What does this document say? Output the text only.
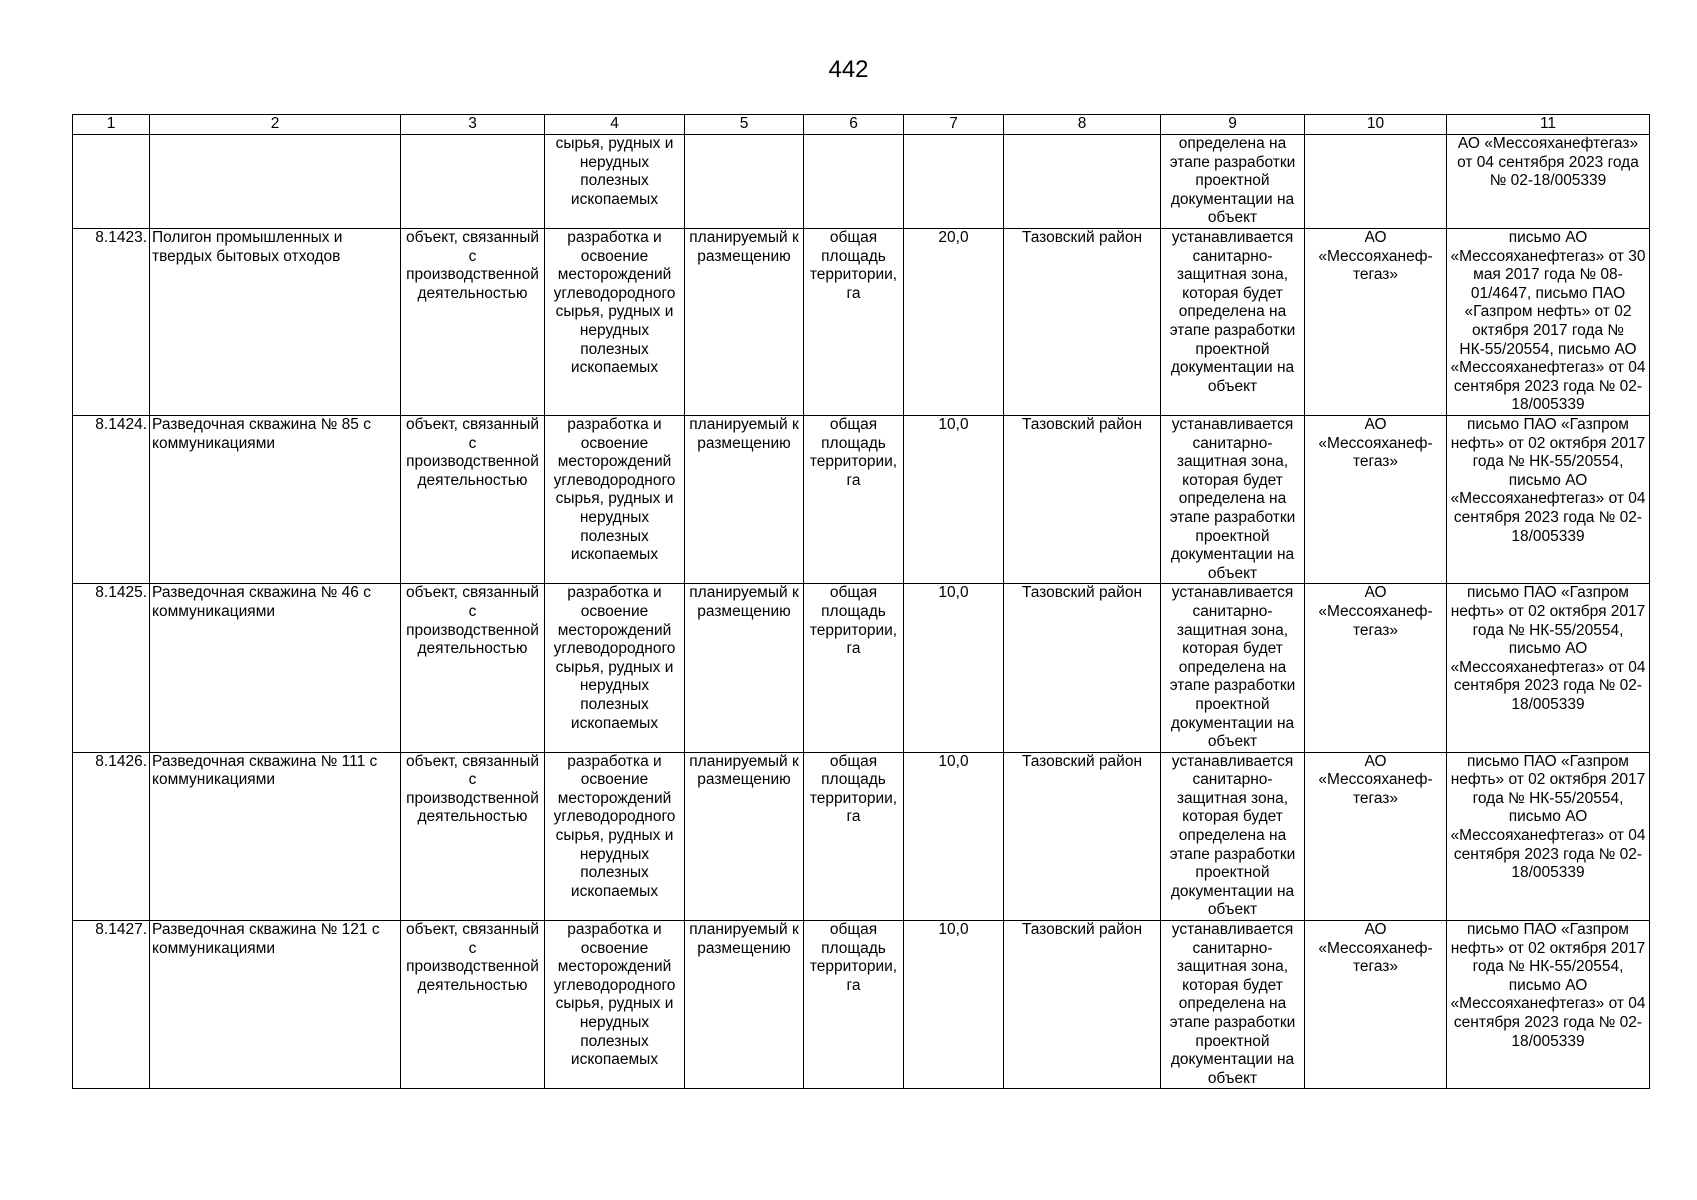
442
1	2	3	4	5	6	7	8	9	10	11
			сырья, рудных и нерудных полезных ископаемых					определена на этапе разработки проектной документации на объект		АО «Мессояханефтегаз» от 04 сентября 2023 года № 02-18/005339
8.1423.	Полигон промышленных и твердых бытовых отходов	объект, связанный с производственной деятельностью	разработка и освоение месторождений углеводородного сырья, рудных и нерудных полезных ископаемых	планируемый к размещению	общая площадь территории, га	20,0	Тазовский район	устанавливается санитарно-защитная зона, которая будет определена на этапе разработки проектной документации на объект	АО «Мессояханеф-тегаз»	письмо АО «Мессояханефтегаз» от 30 мая 2017 года № 08-01/4647, письмо ПАО «Газпром нефть» от 02 октября 2017 года № НК-55/20554, письмо АО «Мессояханефтегаз» от 04 сентября 2023 года № 02-18/005339
8.1424.	Разведочная скважина № 85 с коммуникациями	объект, связанный с производственной деятельностью	разработка и освоение месторождений углеводородного сырья, рудных и нерудных полезных ископаемых	планируемый к размещению	общая площадь территории, га	10,0	Тазовский район	устанавливается санитарно-защитная зона, которая будет определена на этапе разработки проектной документации на объект	АО «Мессояханеф-тегаз»	письмо ПАО «Газпром нефть» от 02 октября 2017 года № НК-55/20554, письмо АО «Мессояханефтегаз» от 04 сентября 2023 года № 02-18/005339
8.1425.	Разведочная скважина № 46 с коммуникациями	объект, связанный с производственной деятельностью	разработка и освоение месторождений углеводородного сырья, рудных и нерудных полезных ископаемых	планируемый к размещению	общая площадь территории, га	10,0	Тазовский район	устанавливается санитарно-защитная зона, которая будет определена на этапе разработки проектной документации на объект	АО «Мессояханеф-тегаз»	письмо ПАО «Газпром нефть» от 02 октября 2017 года № НК-55/20554, письмо АО «Мессояханефтегаз» от 04 сентября 2023 года № 02-18/005339
8.1426.	Разведочная скважина № 111 с коммуникациями	объект, связанный с производственной деятельностью	разработка и освоение месторождений углеводородного сырья, рудных и нерудных полезных ископаемых	планируемый к размещению	общая площадь территории, га	10,0	Тазовский район	устанавливается санитарно-защитная зона, которая будет определена на этапе разработки проектной документации на объект	АО «Мессояханеф-тегаз»	письмо ПАО «Газпром нефть» от 02 октября 2017 года № НК-55/20554, письмо АО «Мессояханефтегаз» от 04 сентября 2023 года № 02-18/005339
8.1427.	Разведочная скважина № 121 с коммуникациями	объект, связанный с производственной деятельностью	разработка и освоение месторождений углеводородного сырья, рудных и нерудных полезных ископаемых	планируемый к размещению	общая площадь территории, га	10,0	Тазовский район	устанавливается санитарно-защитная зона, которая будет определена на этапе разработки проектной документации на объект	АО «Мессояханеф-тегаз»	письмо ПАО «Газпром нефть» от 02 октября 2017 года № НК-55/20554, письмо АО «Мессояханефтегаз» от 04 сентября 2023 года № 02-18/005339
